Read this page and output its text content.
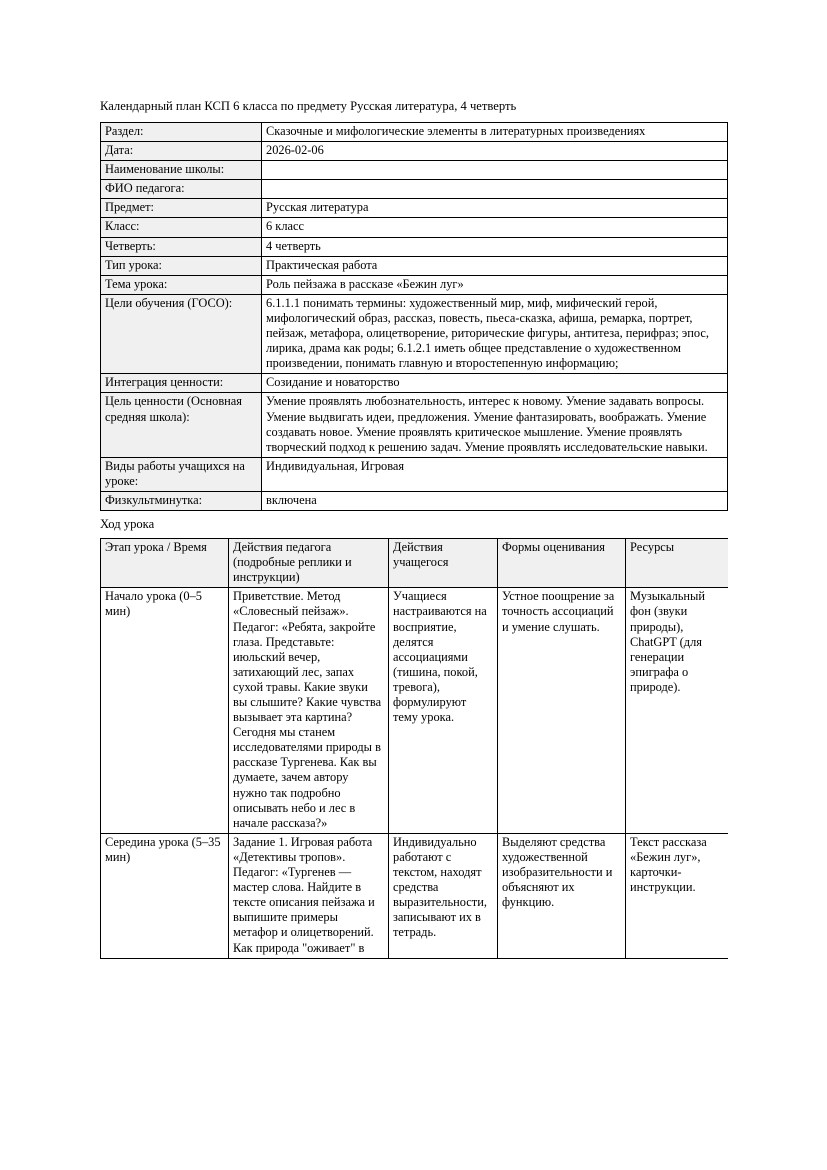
Календарный план КСП 6 класса по предмету Русская литература, 4 четверть
Раздел:	Сказочные и мифологические элементы в литературных произведениях
Дата:	2026-02-06
Наименование школы:	
ФИО педагога:	
Предмет:	Русская литература
Класс:	6 класс
Четверть:	4 четверть
Тип урока:	Практическая работа
Тема урока:	Роль пейзажа в рассказе «Бежин луг»
Цели обучения (ГОСО):	6.1.1.1 понимать термины: художественный мир, миф, мифический герой, мифологический образ, рассказ, повесть, пьеса-сказка, афиша, ремарка, портрет, пейзаж, метафора, олицетворение, риторические фигуры, антитеза, перифраз; эпос, лирика, драма как роды; 6.1.2.1 иметь общее представление о художественном произведении, понимать главную и второстепенную информацию;
Интеграция ценности:	Созидание и новаторство
Цель ценности (Основная средняя школа):	Умение проявлять любознательность, интерес к новому. Умение задавать вопросы. Умение выдвигать идеи, предложения. Умение фантазировать, воображать. Умение создавать новое. Умение проявлять критическое мышление. Умение проявлять творческий подход к решению задач. Умение проявлять исследовательские навыки.
Виды работы учащихся на уроке:	Индивидуальная, Игровая
Физкультминутка:	включена
Ход урока
Этап урока / Время	Действия педагога (подробные реплики и инструкции)	Действия учащегося	Формы оценивания	Ресурсы
Начало урока (0–5 мин)	Приветствие. Метод «Словесный пейзаж». Педагог: «Ребята, закройте глаза. Представьте: июльский вечер, затихающий лес, запах сухой травы. Какие звуки вы слышите? Какие чувства вызывает эта картина? Сегодня мы станем исследователями природы в рассказе Тургенева. Как вы думаете, зачем автору нужно так подробно описывать небо и лес в начале рассказа?»	Учащиеся настраиваются на восприятие, делятся ассоциациями (тишина, покой, тревога), формулируют тему урока.	Устное поощрение за точность ассоциаций и умение слушать.	Музыкальный фон (звуки природы), ChatGPT (для генерации эпиграфа о природе).
Середина урока (5–35 мин)	Задание 1. Игровая работа «Детективы тропов». Педагог: «Тургенев — мастер слова. Найдите в тексте описания пейзажа и выпишите примеры метафор и олицетворений. Как природа "оживает" в	Индивидуально работают с текстом, находят средства выразительности, записывают их в тетрадь.	Выделяют средства художественной изобразительности и объясняют их функцию.	Текст рассказа «Бежин луг», карточки-инструкции.
